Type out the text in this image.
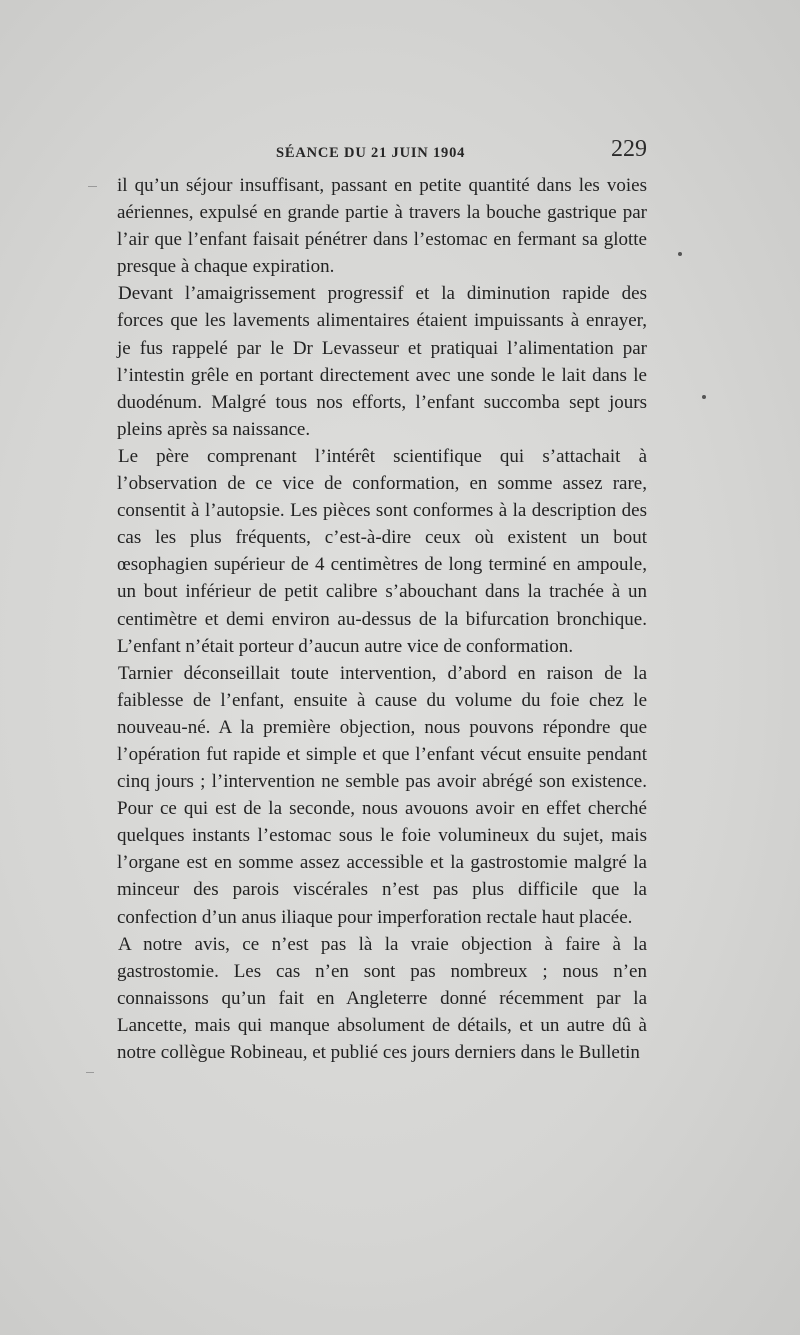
SÉANCE DU 21 JUIN 1904	229

il qu’un séjour insuffisant, passant en petite quantité dans les voies aériennes, expulsé en grande partie à travers la bouche gastrique par l’air que l’enfant faisait pénétrer dans l’estomac en fermant sa glotte presque à chaque expiration.

Devant l’amaigrissement progressif et la diminution rapide des forces que les lavements alimentaires étaient impuissants à enrayer, je fus rappelé par le Dr Levasseur et pratiquai l’alimentation par l’intestin grêle en portant directement avec une sonde le lait dans le duodénum. Malgré tous nos efforts, l’enfant succomba sept jours pleins après sa naissance.

Le père comprenant l’intérêt scientifique qui s’attachait à l’observation de ce vice de conformation, en somme assez rare, consentit à l’autopsie. Les pièces sont conformes à la description des cas les plus fréquents, c’est-à-dire ceux où existent un bout œsophagien supérieur de 4 centimètres de long terminé en ampoule, un bout inférieur de petit calibre s’abouchant dans la trachée à un centimètre et demi environ au-dessus de la bifurcation bronchique. L’enfant n’était porteur d’aucun autre vice de conformation.

Tarnier déconseillait toute intervention, d’abord en raison de la faiblesse de l’enfant, ensuite à cause du volume du foie chez le nouveau-né. A la première objection, nous pouvons répondre que l’opération fut rapide et simple et que l’enfant vécut ensuite pendant cinq jours ; l’intervention ne semble pas avoir abrégé son existence. Pour ce qui est de la seconde, nous avouons avoir en effet cherché quelques instants l’estomac sous le foie volumineux du sujet, mais l’organe est en somme assez accessible et la gastrostomie malgré la minceur des parois viscérales n’est pas plus difficile que la confection d’un anus iliaque pour imperforation rectale haut placée.

A notre avis, ce n’est pas là la vraie objection à faire à la gastrostomie. Les cas n’en sont pas nombreux ; nous n’en connaissons qu’un fait en Angleterre donné récemment par la Lancette, mais qui manque absolument de détails, et un autre dû à notre collègue Robineau, et publié ces jours derniers dans le Bulletin
